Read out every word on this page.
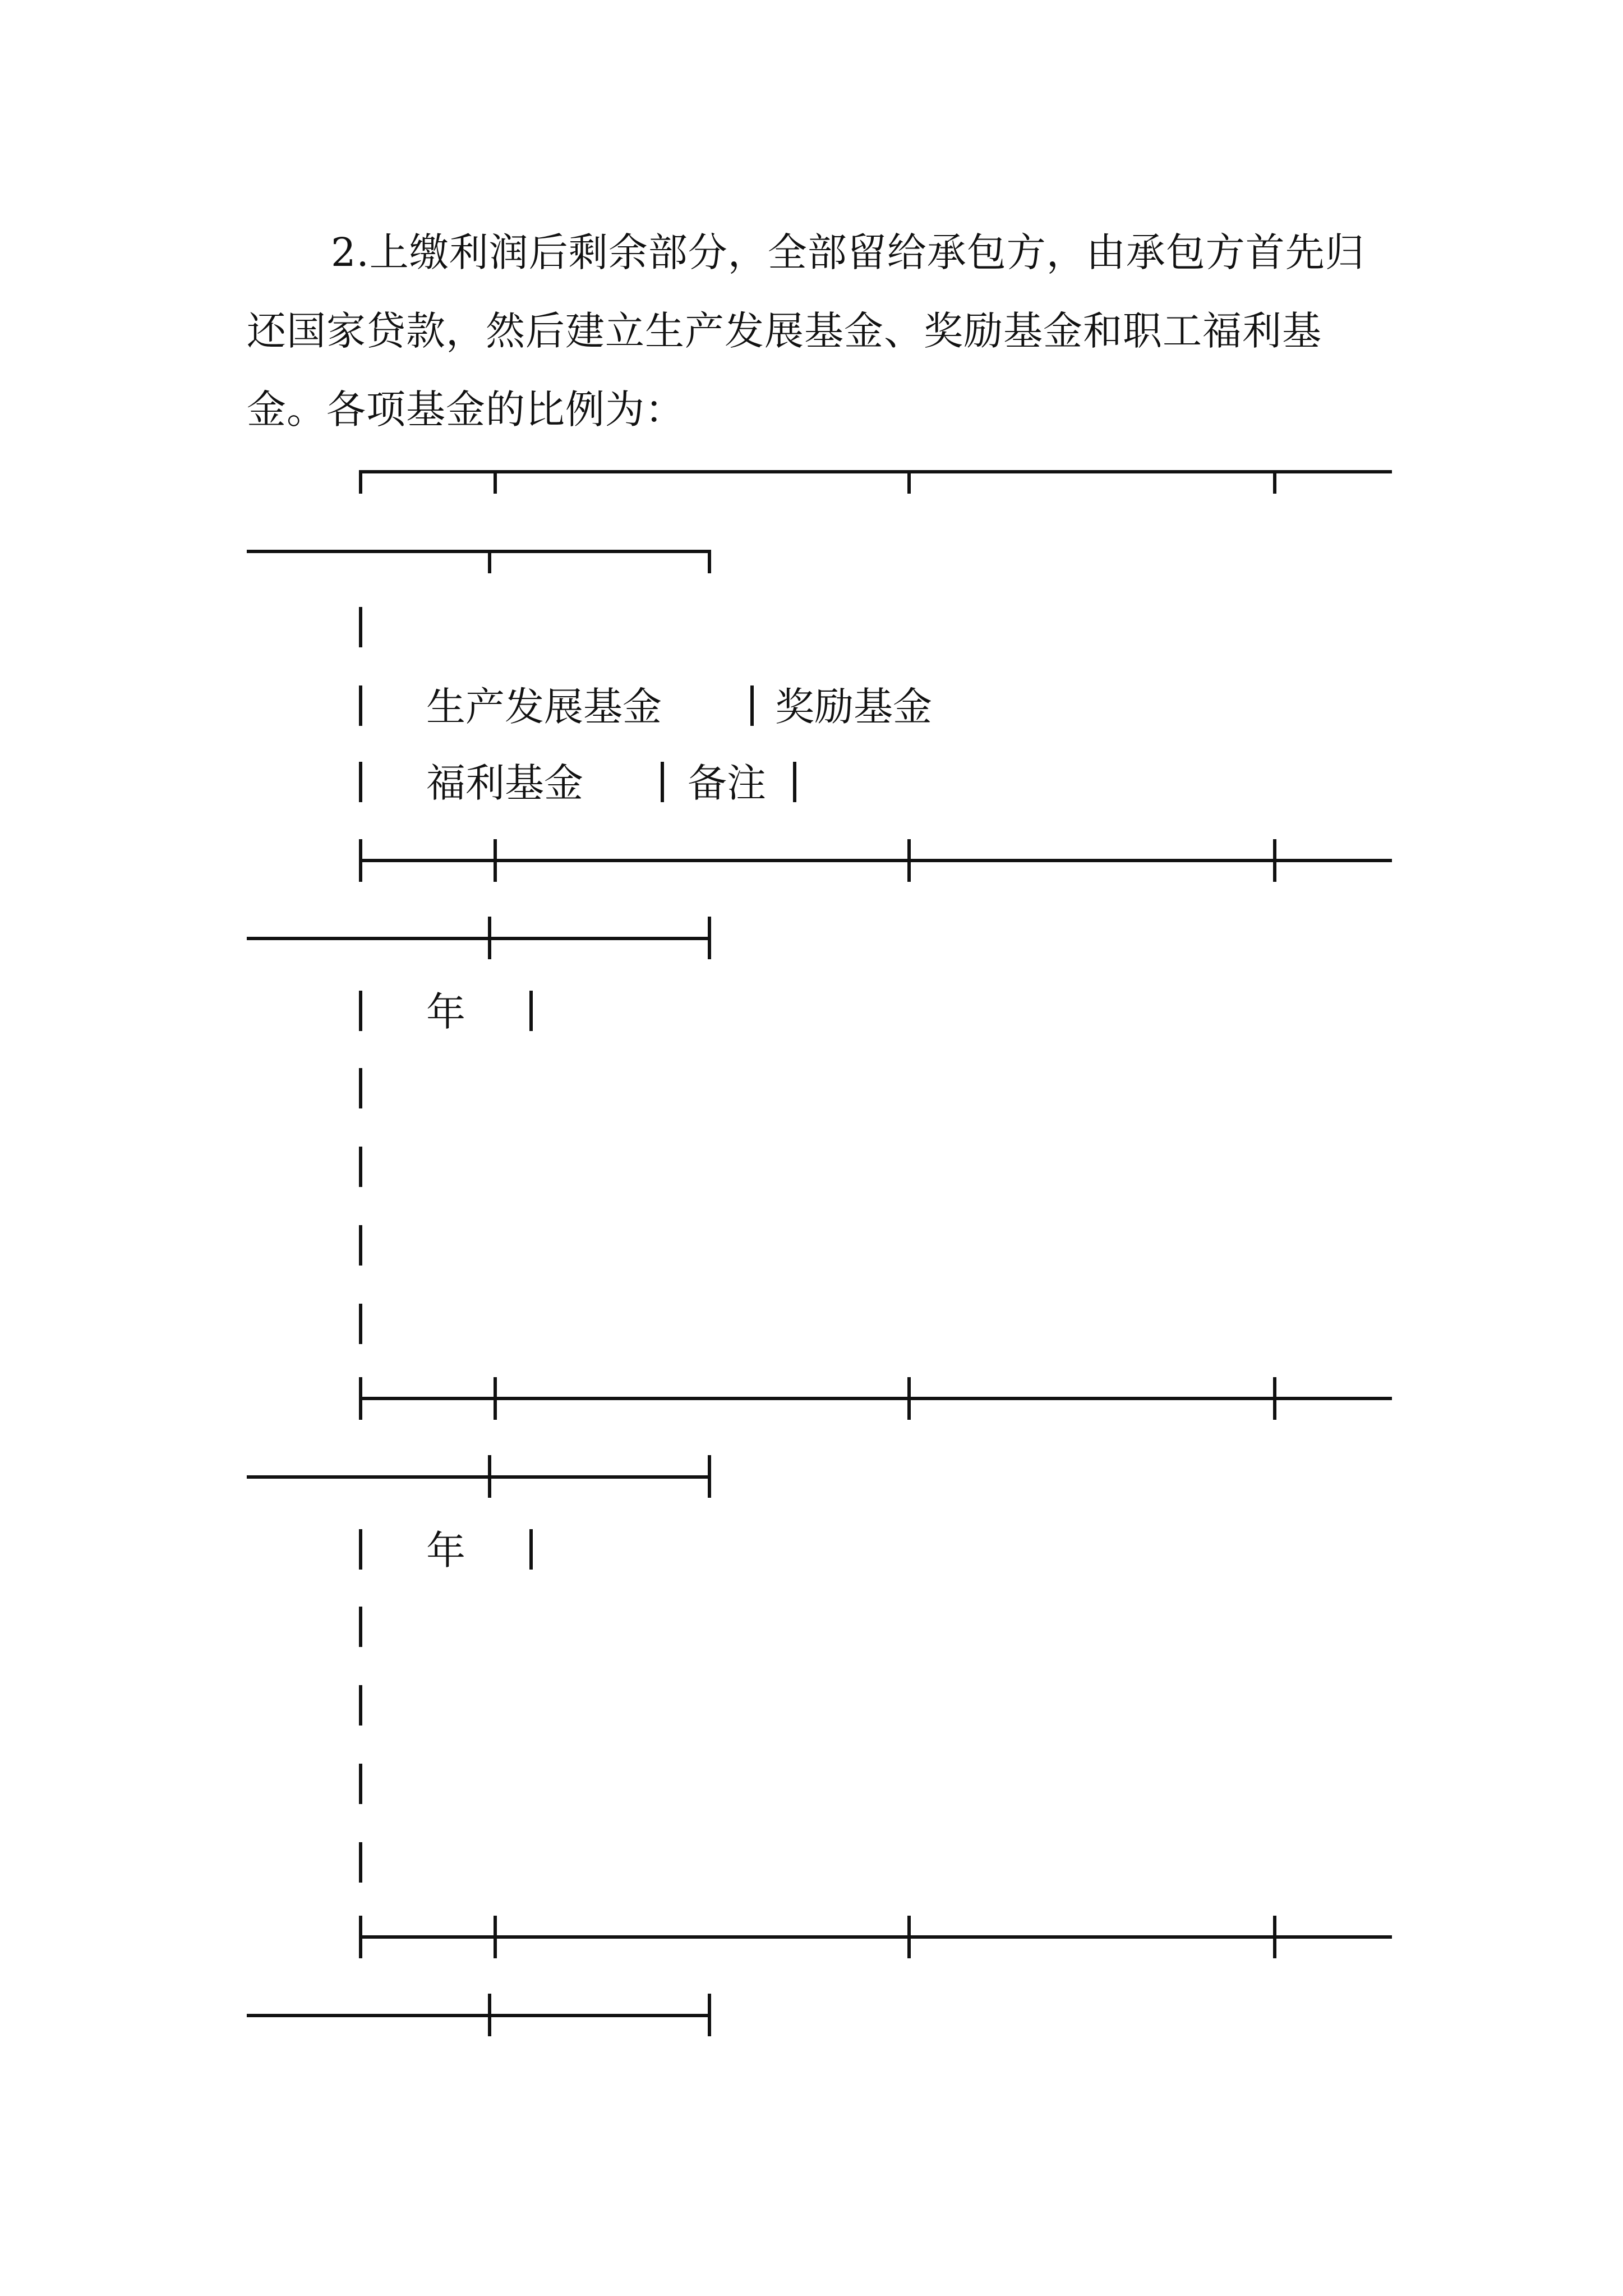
2.上缴利润后剩余部分，全部留给承包方，由承包方首先归还国家贷款，然后建立生产发展基金、奖励基金和职工福利基金。各项基金的比例为：

生产发展基金	奖励基金
福利基金	备注
年
年
